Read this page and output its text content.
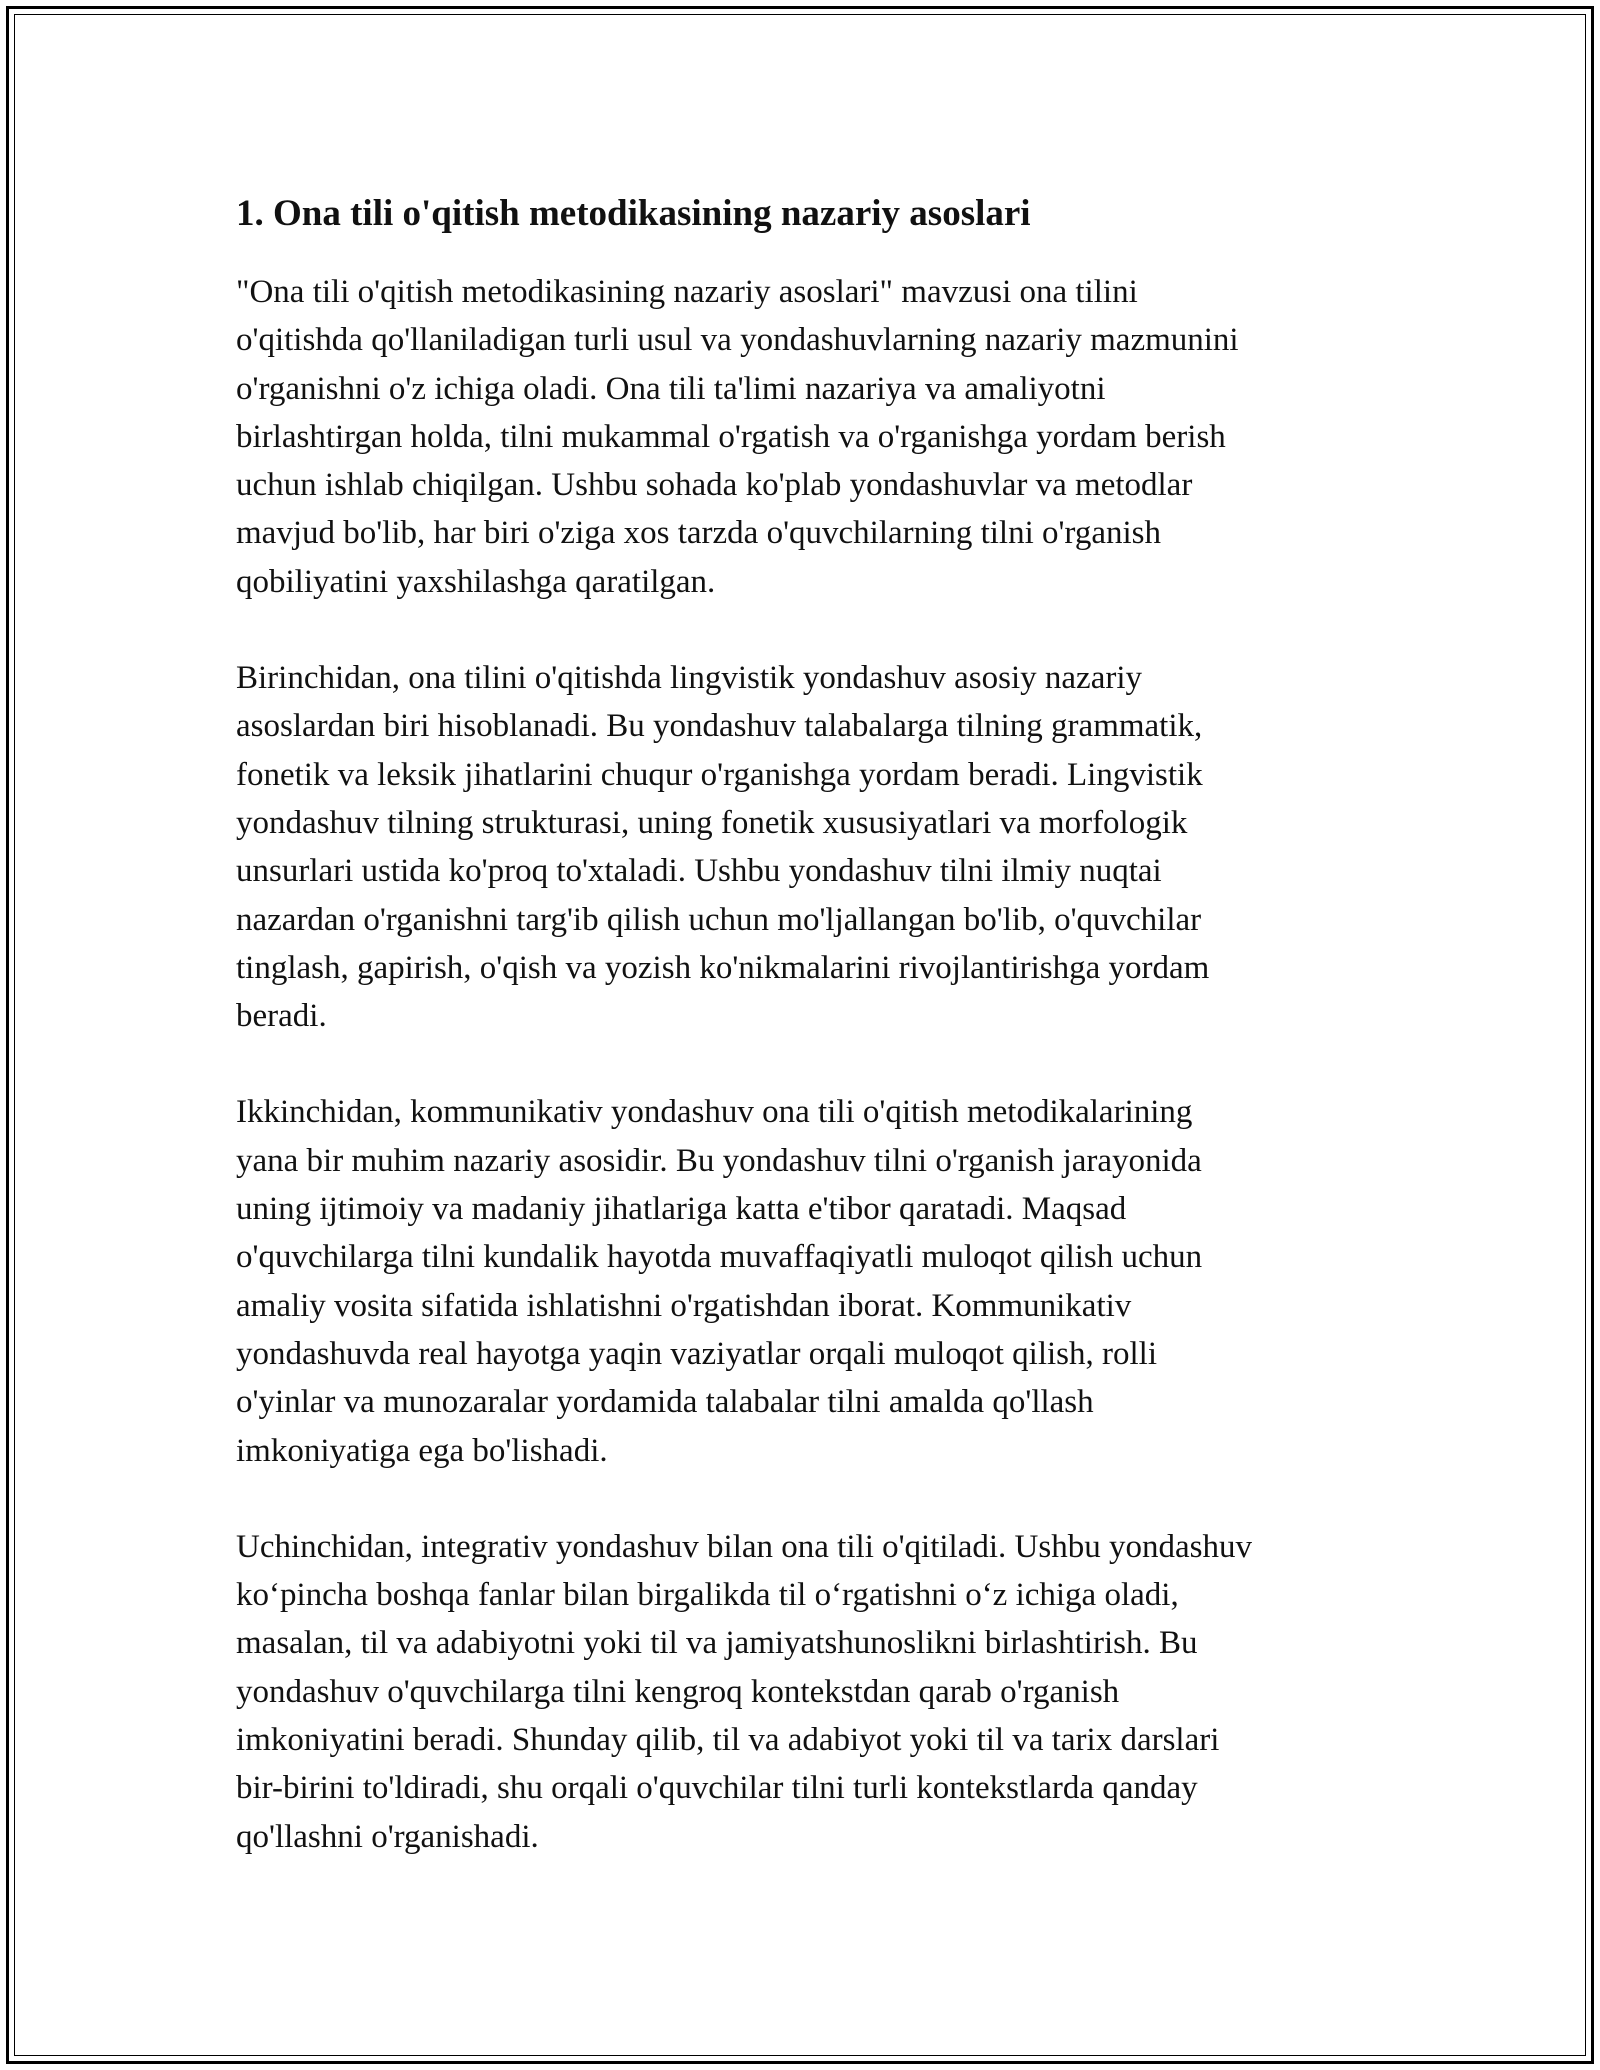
1. Ona tili o'qitish metodikasining nazariy asoslari

"Ona tili o'qitish metodikasining nazariy asoslari" mavzusi ona tilini
o'qitishda qo'llaniladigan turli usul va yondashuvlarning nazariy mazmunini
o'rganishni o'z ichiga oladi. Ona tili ta'limi nazariya va amaliyotni
birlashtirgan holda, tilni mukammal o'rgatish va o'rganishga yordam berish
uchun ishlab chiqilgan. Ushbu sohada ko'plab yondashuvlar va metodlar
mavjud bo'lib, har biri o'ziga xos tarzda o'quvchilarning tilni o'rganish
qobiliyatini yaxshilashga qaratilgan.

Birinchidan, ona tilini o'qitishda lingvistik yondashuv asosiy nazariy
asoslardan biri hisoblanadi. Bu yondashuv talabalarga tilning grammatik,
fonetik va leksik jihatlarini chuqur o'rganishga yordam beradi. Lingvistik
yondashuv tilning strukturasi, uning fonetik xususiyatlari va morfologik
unsurlari ustida ko'proq to'xtaladi. Ushbu yondashuv tilni ilmiy nuqtai
nazardan o'rganishni targ'ib qilish uchun mo'ljallangan bo'lib, o'quvchilar
tinglash, gapirish, o'qish va yozish ko'nikmalarini rivojlantirishga yordam
beradi.

Ikkinchidan, kommunikativ yondashuv ona tili o'qitish metodikalarining
yana bir muhim nazariy asosidir. Bu yondashuv tilni o'rganish jarayonida
uning ijtimoiy va madaniy jihatlariga katta e'tibor qaratadi. Maqsad
o'quvchilarga tilni kundalik hayotda muvaffaqiyatli muloqot qilish uchun
amaliy vosita sifatida ishlatishni o'rgatishdan iborat. Kommunikativ
yondashuvda real hayotga yaqin vaziyatlar orqali muloqot qilish, rolli
o'yinlar va munozaralar yordamida talabalar tilni amalda qo'llash
imkoniyatiga ega bo'lishadi.

Uchinchidan, integrativ yondashuv bilan ona tili o'qitiladi. Ushbu yondashuv
ko‘pincha boshqa fanlar bilan birgalikda til o‘rgatishni o‘z ichiga oladi,
masalan, til va adabiyotni yoki til va jamiyatshunoslikni birlashtirish. Bu
yondashuv o'quvchilarga tilni kengroq kontekstdan qarab o'rganish
imkoniyatini beradi. Shunday qilib, til va adabiyot yoki til va tarix darslari
bir-birini to'ldiradi, shu orqali o'quvchilar tilni turli kontekstlarda qanday
qo'llashni o'rganishadi.
